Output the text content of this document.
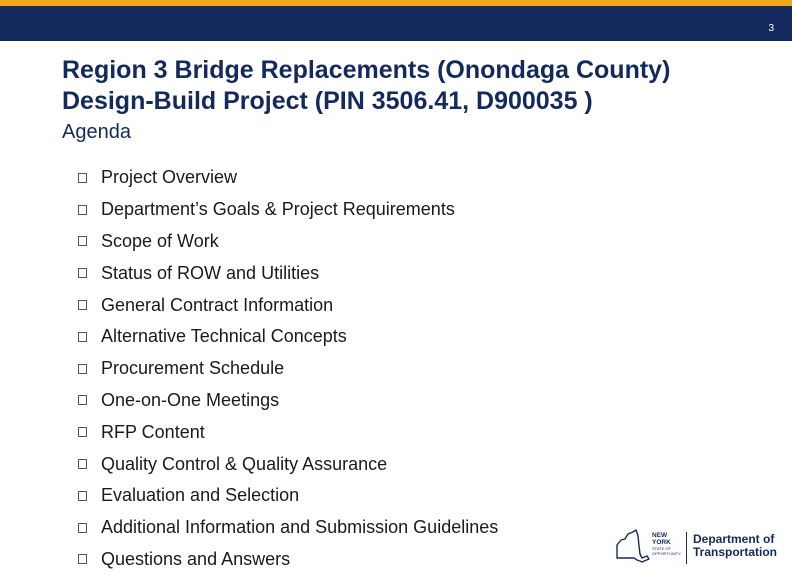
3
Region 3 Bridge Replacements (Onondaga County)
Design-Build Project (PIN 3506.41, D900035 )
Agenda
Project Overview
Department’s Goals & Project Requirements
Scope of Work
Status of ROW and Utilities
General Contract Information
Alternative Technical Concepts
Procurement Schedule
One-on-One Meetings
RFP Content
Quality Control & Quality Assurance
Evaluation and Selection
Additional Information and Submission Guidelines
Questions and Answers
NEW YORK
STATE OF
OPPORTUNITY.
Department of
Transportation
